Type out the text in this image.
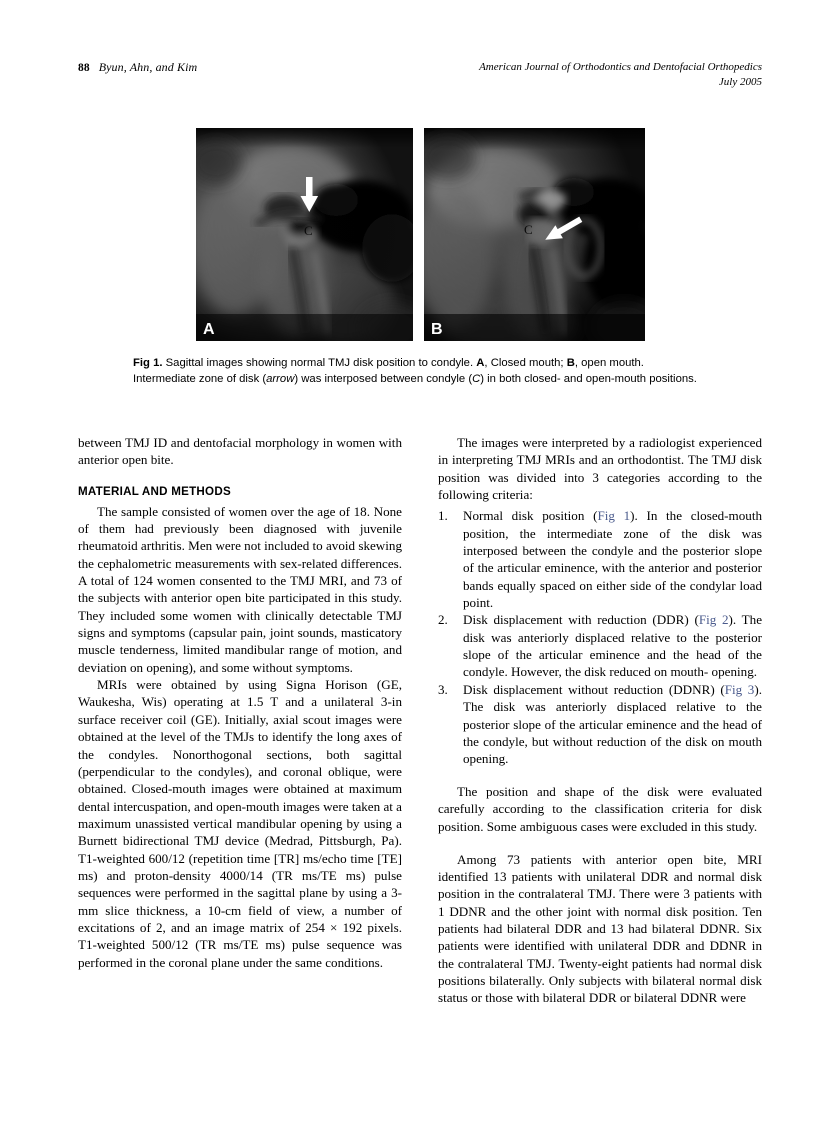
88 Byun, Ahn, and Kim	American Journal of Orthodontics and Dentofacial Orthopedics
July 2005
C
A
C
B
Fig 1. Sagittal images showing normal TMJ disk position to condyle. A, Closed mouth; B, open mouth. Intermediate zone of disk (arrow) was interposed between condyle (C) in both closed- and open-mouth positions.

between TMJ ID and dentofacial morphology in women with anterior open bite.

MATERIAL AND METHODS

The sample consisted of women over the age of 18. None of them had previously been diagnosed with juvenile rheumatoid arthritis. Men were not included to avoid skewing the cephalometric measurements with sex-related differences. A total of 124 women consented to the TMJ MRI, and 73 of the subjects with anterior open bite participated in this study. They included some women with clinically detectable TMJ signs and symptoms (capsular pain, joint sounds, masticatory muscle tenderness, limited mandibular range of motion, and deviation on opening), and some without symptoms.

MRIs were obtained by using Signa Horison (GE, Waukesha, Wis) operating at 1.5 T and a unilateral 3-in surface receiver coil (GE). Initially, axial scout images were obtained at the level of the TMJs to identify the long axes of the condyles. Nonorthogonal sections, both sagittal (perpendicular to the condyles), and coronal oblique, were obtained. Closed-mouth images were obtained at maximum dental intercuspation, and open-mouth images were taken at a maximum unassisted vertical mandibular opening by using a Burnett bidirectional TMJ device (Medrad, Pittsburgh, Pa). T1-weighted 600/12 (repetition time [TR] ms/echo time [TE] ms) and proton-density 4000/14 (TR ms/TE ms) pulse sequences were performed in the sagittal plane by using a 3-mm slice thickness, a 10-cm field of view, a number of excitations of 2, and an image matrix of 254 × 192 pixels. T1-weighted 500/12 (TR ms/TE ms) pulse sequence was performed in the coronal plane under the same conditions.

The images were interpreted by a radiologist experienced in interpreting TMJ MRIs and an orthodontist. The TMJ disk position was divided into 3 categories according to the following criteria:

1.	Normal disk position (Fig 1). In the closed-mouth position, the intermediate zone of the disk was interposed between the condyle and the posterior slope of the articular eminence, with the anterior and posterior bands equally spaced on either side of the condylar load point.
2.	Disk displacement with reduction (DDR) (Fig 2). The disk was anteriorly displaced relative to the posterior slope of the articular eminence and the head of the condyle. However, the disk reduced on mouth- opening.
3.	Disk displacement without reduction (DDNR) (Fig 3). The disk was anteriorly displaced relative to the posterior slope of the articular eminence and the head of the condyle, but without reduction of the disk on mouth opening.

The position and shape of the disk were evaluated carefully according to the classification criteria for disk position. Some ambiguous cases were excluded in this study.

Among 73 patients with anterior open bite, MRI identified 13 patients with unilateral DDR and normal disk position in the contralateral TMJ. There were 3 patients with 1 DDNR and the other joint with normal disk position. Ten patients had bilateral DDR and 13 had bilateral DDNR. Six patients were identified with unilateral DDR and DDNR in the contralateral TMJ. Twenty-eight patients had normal disk positions bilaterally. Only subjects with bilateral normal disk status or those with bilateral DDR or bilateral DDNR were
